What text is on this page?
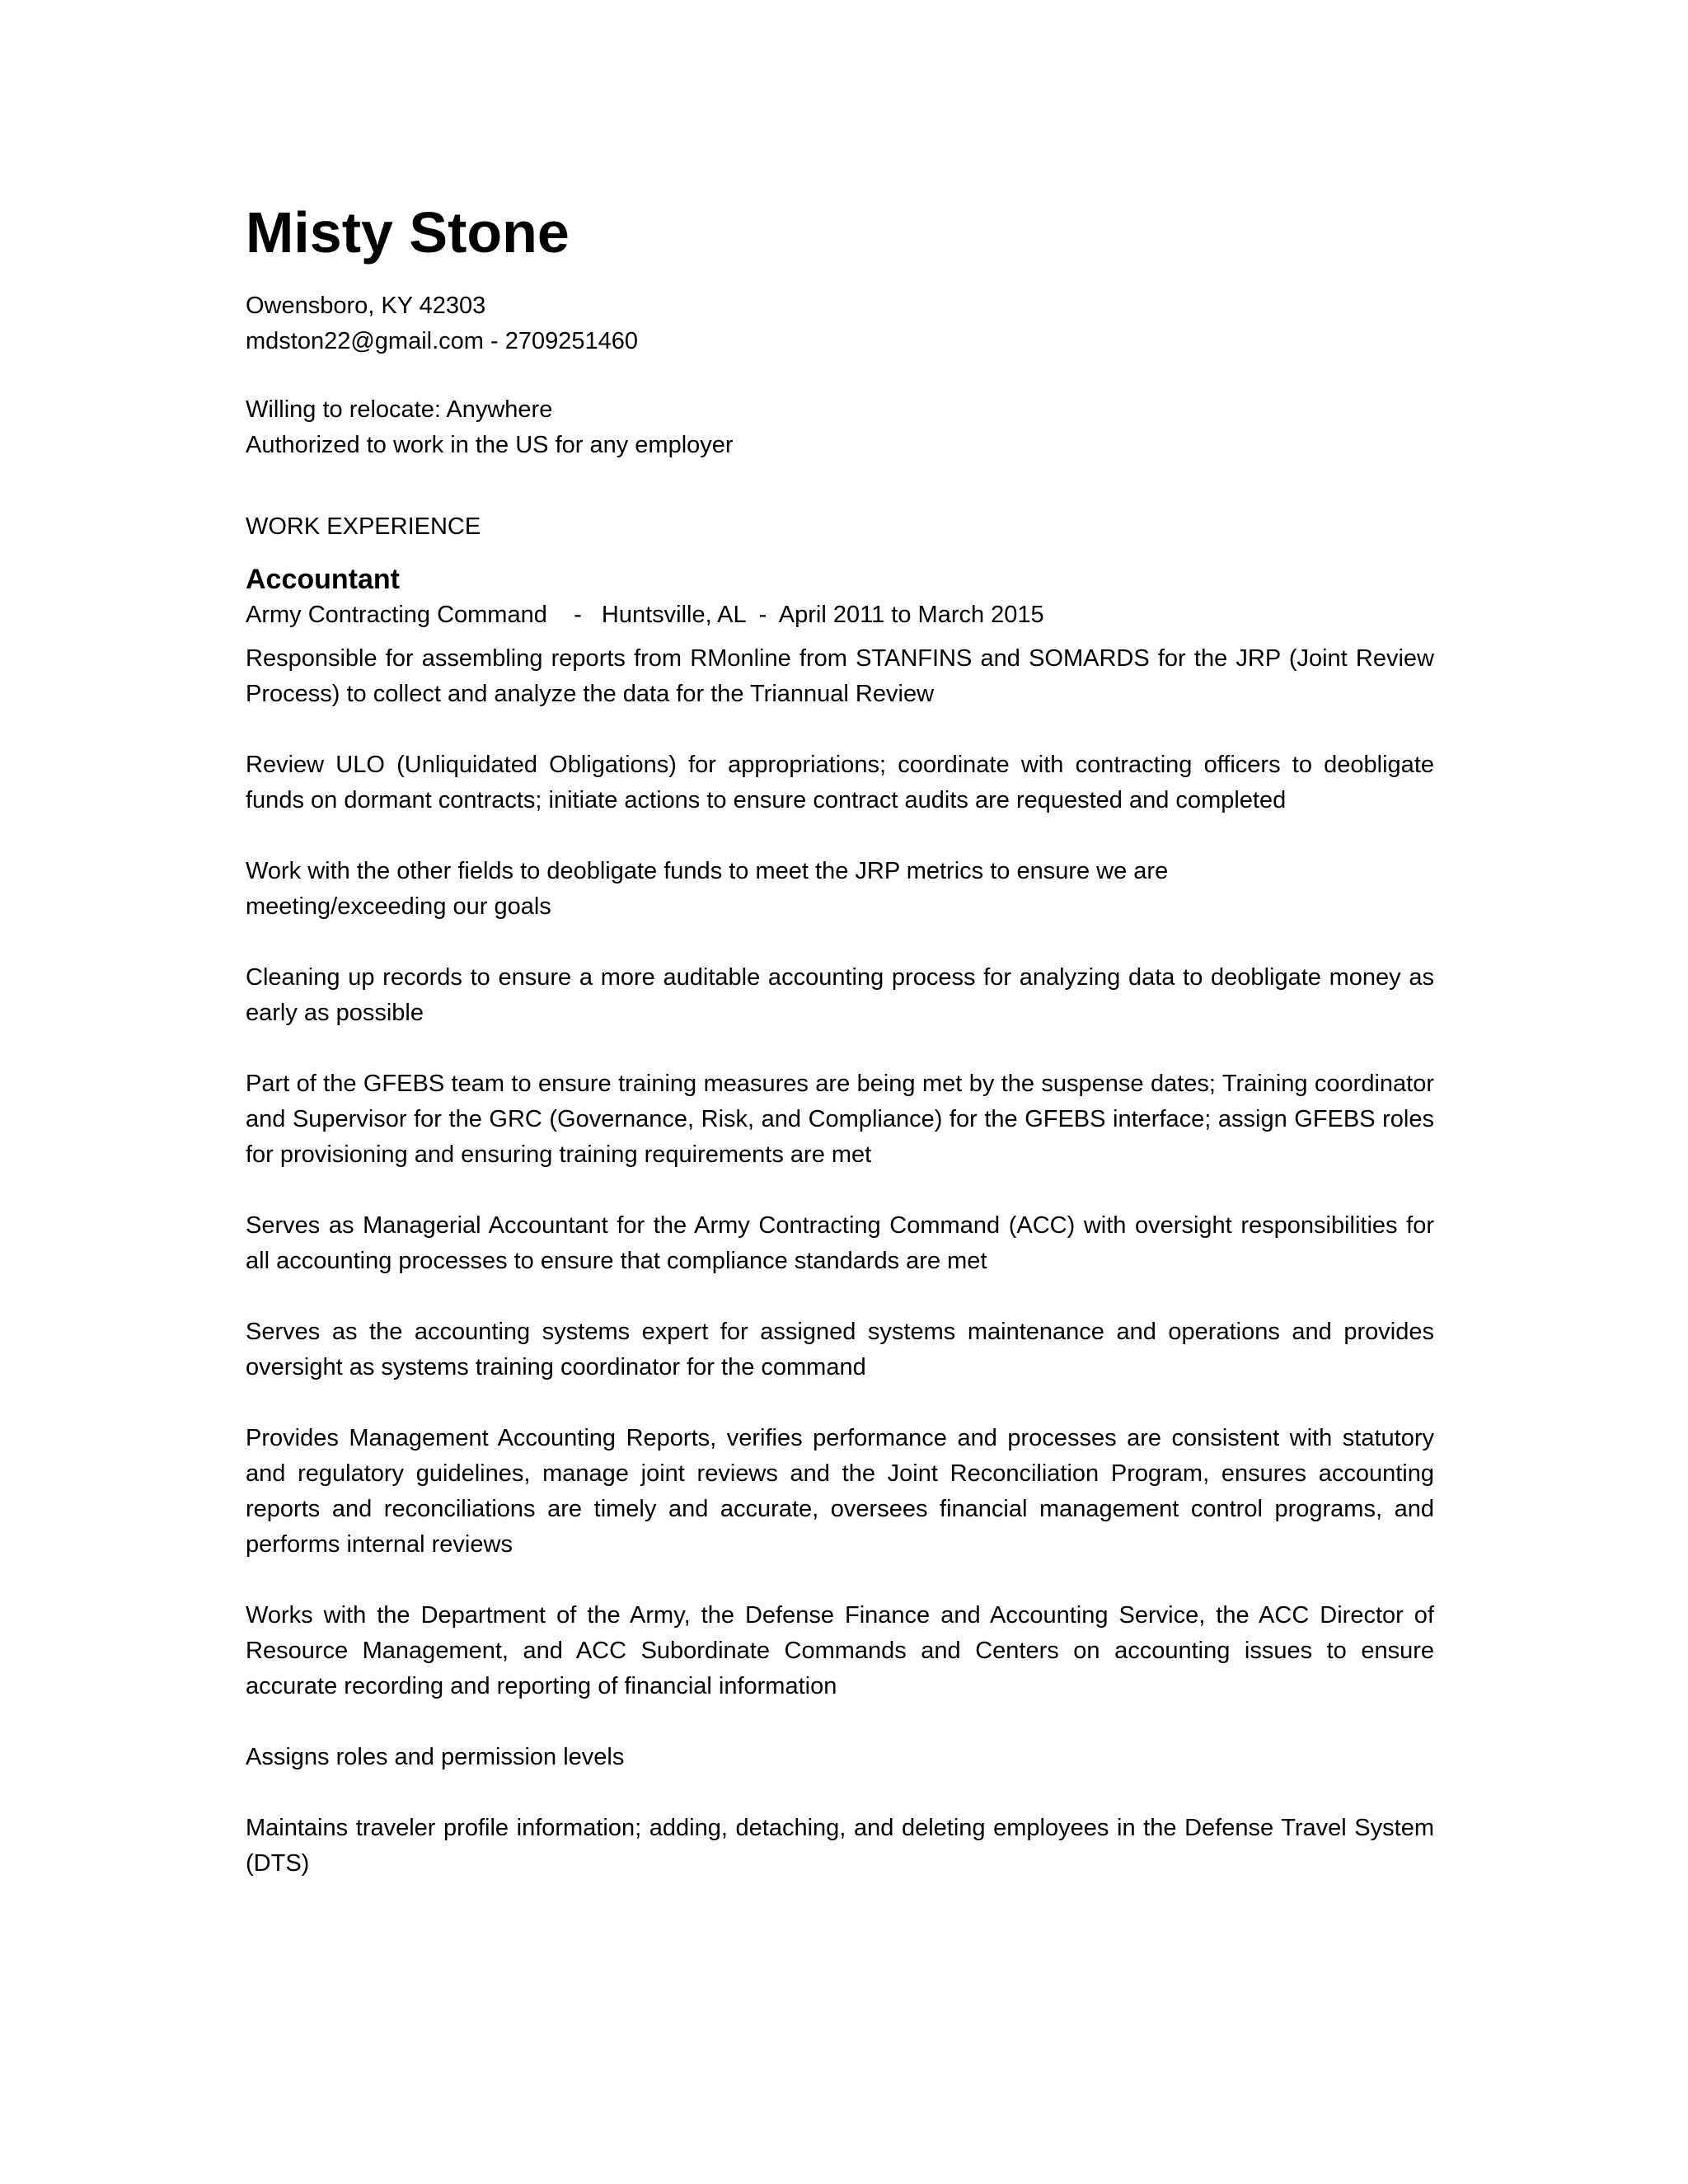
Misty Stone
Owensboro, KY 42303
mdston22@gmail.com - 2709251460
Willing to relocate: Anywhere
Authorized to work in the US for any employer
WORK EXPERIENCE
Accountant
Army Contracting Command    -   Huntsville, AL  -  April 2011 to March 2015

Responsible for assembling reports from RMonline from STANFINS and SOMARDS for the JRP (Joint Review Process) to collect and analyze the data for the Triannual Review

Review ULO (Unliquidated Obligations) for appropriations; coordinate with contracting officers to deobligate funds on dormant contracts; initiate actions to ensure contract audits are requested and completed

Work with the other fields to deobligate funds to meet the JRP metrics to ensure we are meeting/exceeding our goals

Cleaning up records to ensure a more auditable accounting process for analyzing data to deobligate money as early as possible

Part of the GFEBS team to ensure training measures are being met by the suspense dates; Training coordinator and Supervisor for the GRC (Governance, Risk, and Compliance) for the GFEBS interface; assign GFEBS roles for provisioning and ensuring training requirements are met

Serves as Managerial Accountant for the Army Contracting Command (ACC) with oversight responsibilities for all accounting processes to ensure that compliance standards are met

Serves as the accounting systems expert for assigned systems maintenance and operations and provides oversight as systems training coordinator for the command

Provides Management Accounting Reports, verifies performance and processes are consistent with statutory and regulatory guidelines, manage joint reviews and the Joint Reconciliation Program, ensures accounting reports and reconciliations are timely and accurate, oversees financial management control programs, and performs internal reviews

Works with the Department of the Army, the Defense Finance and Accounting Service, the ACC Director of Resource Management, and ACC Subordinate Commands and Centers on accounting issues to ensure accurate recording and reporting of financial information

Assigns roles and permission levels

Maintains traveler profile information; adding, detaching, and deleting employees in the Defense Travel System (DTS)
